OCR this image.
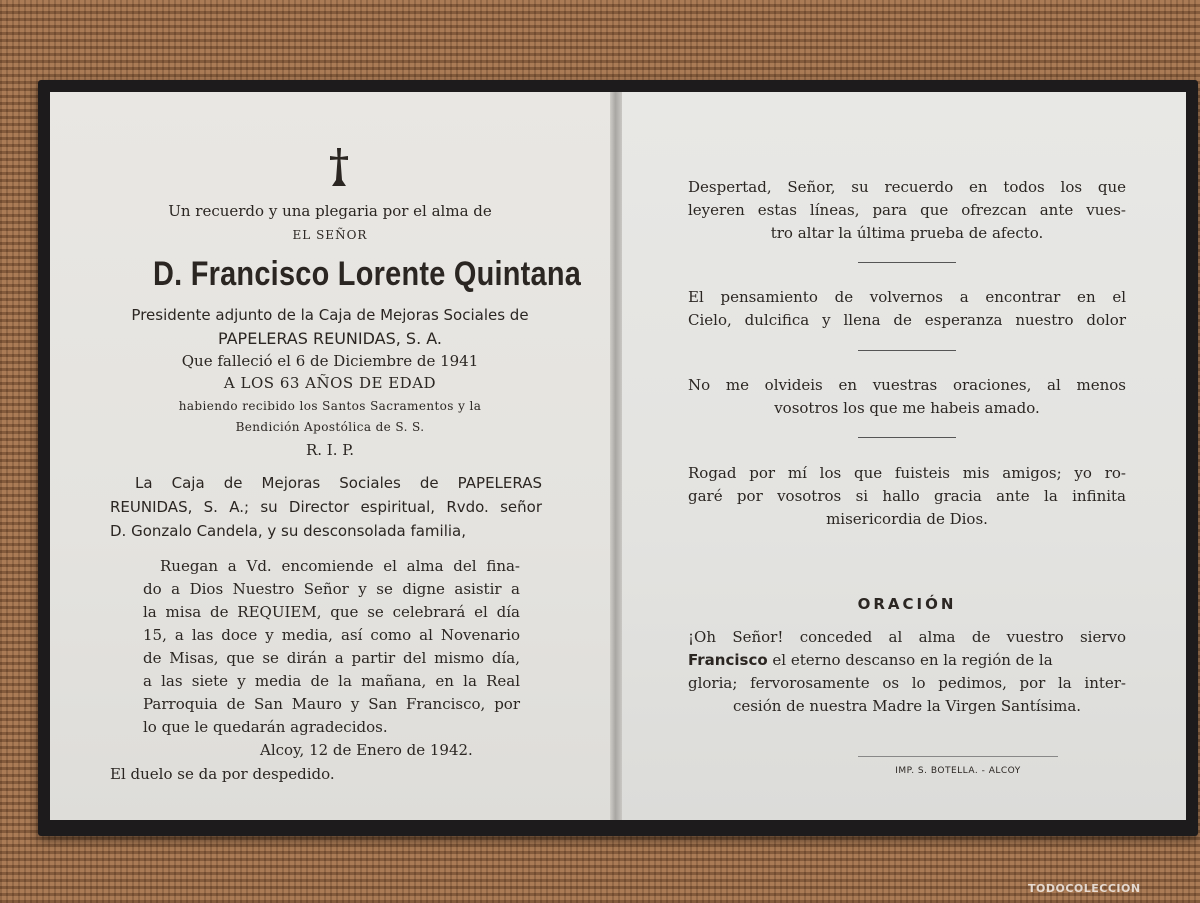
Un recuerdo y una plegaria por el alma de
EL SEÑOR
D. Francisco Lorente Quintana
Presidente adjunto de la Caja de Mejoras Sociales de
PAPELERAS REUNIDAS, S. A.
Que falleció el 6 de Diciembre de 1941
A LOS 63 AÑOS DE EDAD
habiendo recibido los Santos Sacramentos y la
Bendición Apostólica de S. S.
R. I. P.
La Caja de Mejoras Sociales de PAPELERAS
REUNIDAS, S. A.; su Director espiritual, Rvdo. señor
D. Gonzalo Candela, y su desconsolada familia,
Ruegan a Vd. encomiende el alma del fina-
do a Dios Nuestro Señor y se digne asistir a
la misa de REQUIEM, que se celebrará el día
15, a las doce y media, así como al Novenario
de Misas, que se dirán a partir del mismo día,
a las siete y media de la mañana, en la Real
Parroquia de San Mauro y San Francisco, por
lo que le quedarán agradecidos.
Alcoy, 12 de Enero de 1942.
El duelo se da por despedido.
Despertad, Señor, su recuerdo en todos los que
leyeren estas líneas, para que ofrezcan ante vues-
tro altar la última prueba de afecto.
El pensamiento de volvernos a encontrar en el
Cielo, dulcifica y llena de esperanza nuestro dolor
No me olvideis en vuestras oraciones, al menos
vosotros los que me habeis amado.
Rogad por mí los que fuisteis mis amigos; yo ro-
garé por vosotros si hallo gracia ante la infinita
misericordia de Dios.
ORACIÓN
¡Oh Señor! conceded al alma de vuestro siervo
Francisco el eterno descanso en la región de la
gloria; fervorosamente os lo pedimos, por la inter-
cesión de nuestra Madre la Virgen Santísima.
IMP. S. BOTELLA. - ALCOY
TODOCOLECCION
